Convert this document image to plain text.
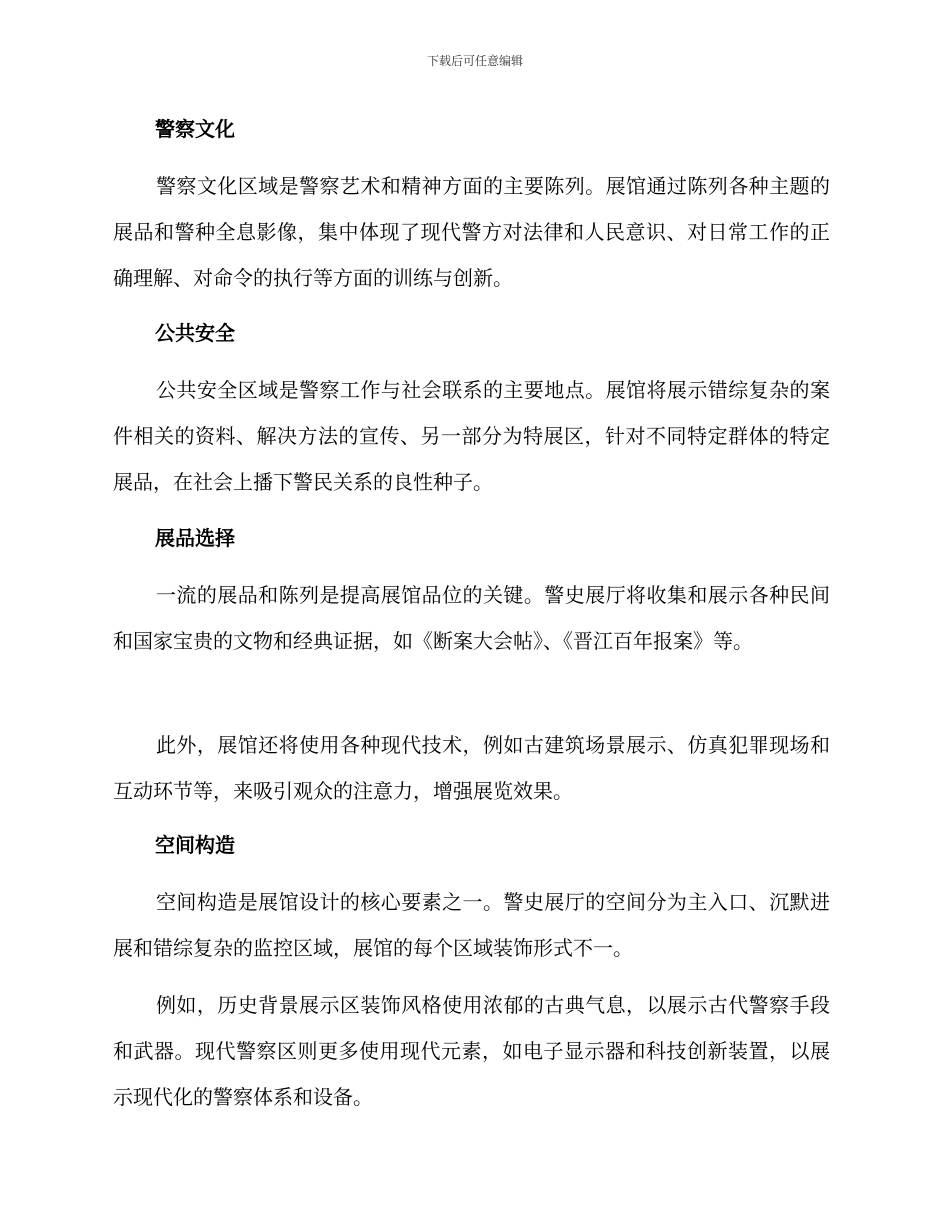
下载后可任意编辑
警察文化

警察文化区域是警察艺术和精神方面的主要陈列。展馆通过陈列各种主题的展品和警种全息影像，集中体现了现代警方对法律和人民意识、对日常工作的正确理解、对命令的执行等方面的训练与创新。

公共安全

公共安全区域是警察工作与社会联系的主要地点。展馆将展示错综复杂的案件相关的资料、解决方法的宣传、另一部分为特展区，针对不同特定群体的特定展品，在社会上播下警民关系的良性种子。

展品选择

一流的展品和陈列是提高展馆品位的关键。警史展厅将收集和展示各种民间和国家宝贵的文物和经典证据，如《断案大会帖》、《晋江百年报案》等。

此外，展馆还将使用各种现代技术，例如古建筑场景展示、仿真犯罪现场和互动环节等，来吸引观众的注意力，增强展览效果。

空间构造

空间构造是展馆设计的核心要素之一。警史展厅的空间分为主入口、沉默进展和错综复杂的监控区域，展馆的每个区域装饰形式不一。

例如，历史背景展示区装饰风格使用浓郁的古典气息，以展示古代警察手段和武器。现代警察区则更多使用现代元素，如电子显示器和科技创新装置，以展示现代化的警察体系和设备。
